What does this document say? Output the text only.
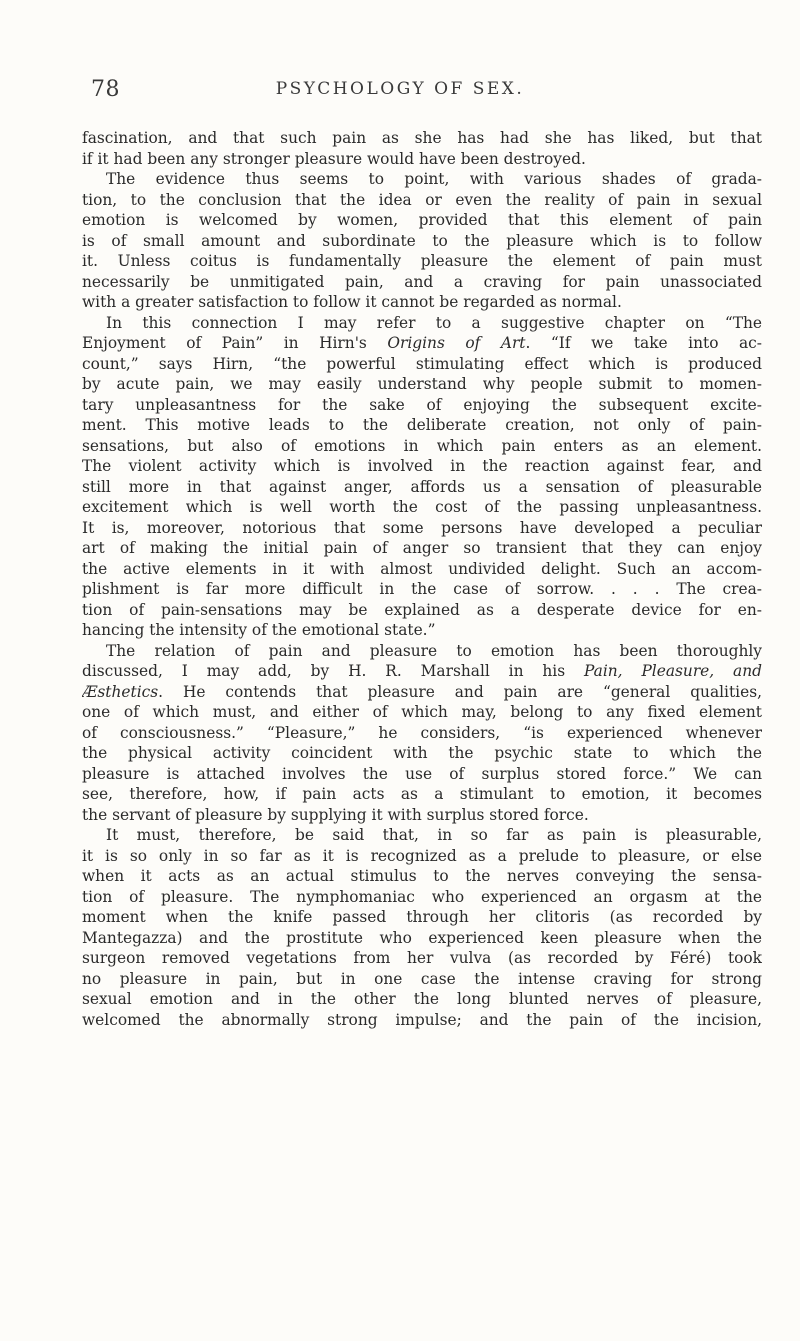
78	PSYCHOLOGY OF SEX.
fascination, and that such pain as she has had she has liked, but that
if it had been any stronger pleasure would have been destroyed.
The evidence thus seems to point, with various shades of grada-
tion, to the conclusion that the idea or even the reality of pain in sexual
emotion is welcomed by women, provided that this element of pain
is of small amount and subordinate to the pleasure which is to follow
it. Unless coitus is fundamentally pleasure the element of pain must
necessarily be unmitigated pain, and a craving for pain unassociated
with a greater satisfaction to follow it cannot be regarded as normal.
In this connection I may refer to a suggestive chapter on “The
Enjoyment of Pain” in Hirn's Origins of Art. “If we take into ac-
count,” says Hirn, “the powerful stimulating effect which is produced
by acute pain, we may easily understand why people submit to momen-
tary unpleasantness for the sake of enjoying the subsequent excite-
ment. This motive leads to the deliberate creation, not only of pain-
sensations, but also of emotions in which pain enters as an element.
The violent activity which is involved in the reaction against fear, and
still more in that against anger, affords us a sensation of pleasurable
excitement which is well worth the cost of the passing unpleasantness.
It is, moreover, notorious that some persons have developed a peculiar
art of making the initial pain of anger so transient that they can enjoy
the active elements in it with almost undivided delight. Such an accom-
plishment is far more difficult in the case of sorrow. . . . The crea-
tion of pain-sensations may be explained as a desperate device for en-
hancing the intensity of the emotional state.”
The relation of pain and pleasure to emotion has been thoroughly
discussed, I may add, by H. R. Marshall in his Pain, Pleasure, and
Æsthetics. He contends that pleasure and pain are “general qualities,
one of which must, and either of which may, belong to any fixed element
of consciousness.” “Pleasure,” he considers, “is experienced whenever
the physical activity coincident with the psychic state to which the
pleasure is attached involves the use of surplus stored force.” We can
see, therefore, how, if pain acts as a stimulant to emotion, it becomes
the servant of pleasure by supplying it with surplus stored force.
It must, therefore, be said that, in so far as pain is pleasurable,
it is so only in so far as it is recognized as a prelude to pleasure, or else
when it acts as an actual stimulus to the nerves conveying the sensa-
tion of pleasure. The nymphomaniac who experienced an orgasm at the
moment when the knife passed through her clitoris (as recorded by
Mantegazza) and the prostitute who experienced keen pleasure when the
surgeon removed vegetations from her vulva (as recorded by Féré) took
no pleasure in pain, but in one case the intense craving for strong
sexual emotion and in the other the long blunted nerves of pleasure,
welcomed the abnormally strong impulse; and the pain of the incision,
